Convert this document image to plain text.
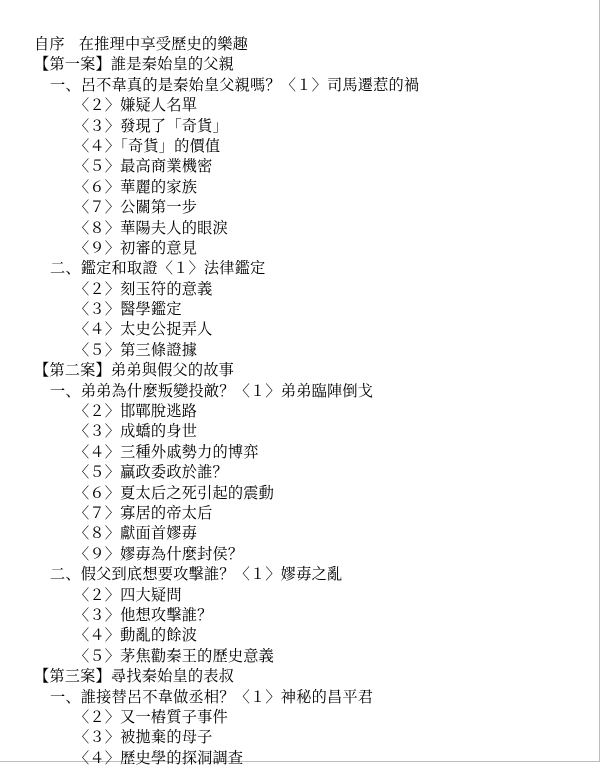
自序 在推理中享受歷史的樂趣
【第一案】誰是秦始皇的父親
一、呂不韋真的是秦始皇父親嗎？〈１〉司馬遷惹的禍
〈２〉嫌疑人名單
〈３〉發現了「奇貨」
〈４〉「奇貨」的價值
〈５〉最高商業機密
〈６〉華麗的家族
〈７〉公關第一步
〈８〉華陽夫人的眼淚
〈９〉初審的意見
二、鑑定和取證〈１〉法律鑑定
〈２〉刻玉符的意義
〈３〉醫學鑑定
〈４〉太史公捉弄人
〈５〉第三條證據
【第二案】弟弟與假父的故事
一、弟弟為什麼叛變投敵？〈１〉弟弟臨陣倒戈
〈２〉邯鄲脫逃路
〈３〉成蟜的身世
〈４〉三種外戚勢力的博弈
〈５〉贏政委政於誰？
〈６〉夏太后之死引起的震動
〈７〉寡居的帝太后
〈８〉獻面首嫪毐
〈９〉嫪毐為什麼封侯？
二、假父到底想要攻擊誰？〈１〉嫪毐之亂
〈２〉四大疑問
〈３〉他想攻擊誰？
〈４〉動亂的餘波
〈５〉茅焦勸秦王的歷史意義
【第三案】尋找秦始皇的表叔
一、誰接替呂不韋做丞相？〈１〉神秘的昌平君
〈２〉又一樁質子事件
〈３〉被拋棄的母子
〈４〉歷史學的探洞調查
